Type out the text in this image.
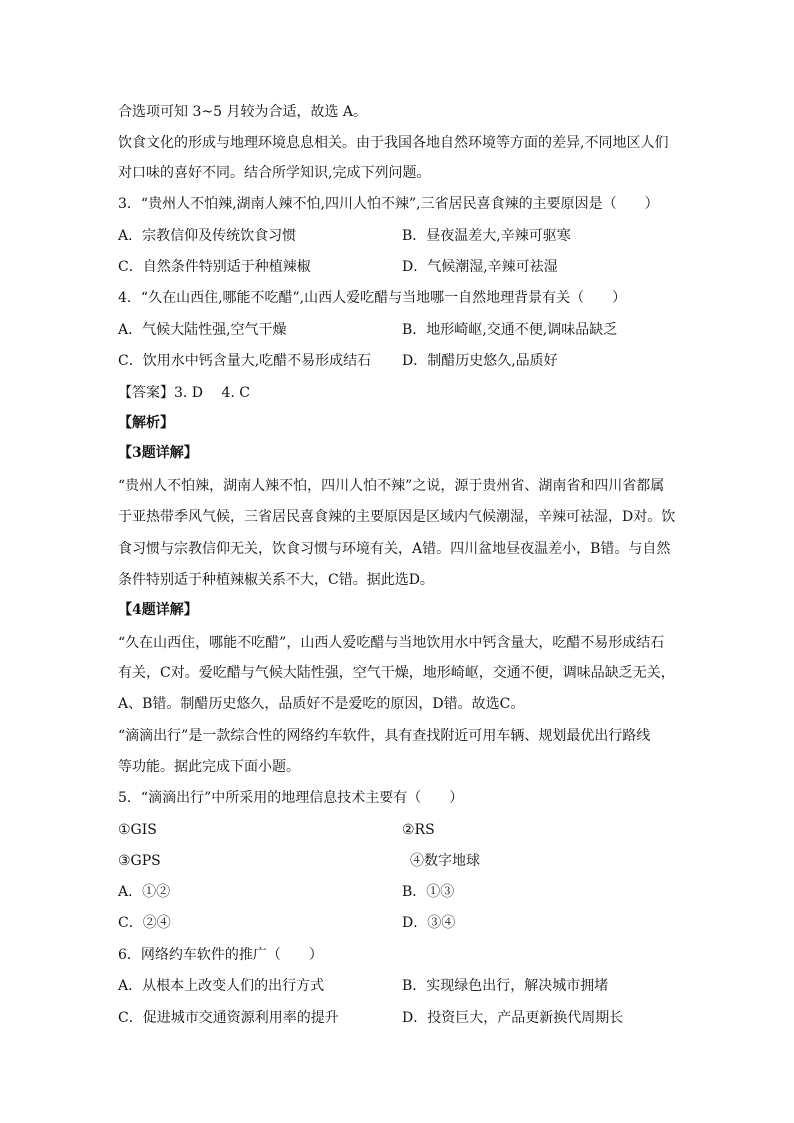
合选项可知 3~5 月较为合适，故选 A。
饮食文化的形成与地理环境息息相关。由于我国各地自然环境等方面的差异,不同地区人们
对口味的喜好不同。结合所学知识,完成下列问题。
3．“贵州人不怕辣,湖南人辣不怕,四川人怕不辣”,三省居民喜食辣的主要原因是（　　）
A．宗教信仰及传统饮食习惯	B．昼夜温差大,辛辣可驱寒
C．自然条件特别适于种植辣椒	D．气候潮湿,辛辣可祛湿
4．“久在山西住,哪能不吃醋”,山西人爱吃醋与当地哪一自然地理背景有关（　　）
A．气候大陆性强,空气干燥	B．地形崎岖,交通不便,调味品缺乏
C．饮用水中钙含量大,吃醋不易形成结石 D．制醋历史悠久,品质好
【答案】3. D　 4. C
【解析】
【3题详解】
“贵州人不怕辣，湖南人辣不怕，四川人怕不辣”之说，源于贵州省、湖南省和四川省都属
于亚热带季风气候，三省居民喜食辣的主要原因是区域内气候潮湿，辛辣可祛湿，D对。饮
食习惯与宗教信仰无关，饮食习惯与环境有关，A错。四川盆地昼夜温差小，B错。与自然
条件特别适于种植辣椒关系不大，C错。据此选D。
【4题详解】
“久在山西住，哪能不吃醋”，山西人爱吃醋与当地饮用水中钙含量大，吃醋不易形成结石
有关，C对。爱吃醋与气候大陆性强，空气干燥，地形崎岖，交通不便，调味品缺乏无关，
A、B错。制醋历史悠久，品质好不是爱吃的原因，D错。故选C。
“滴滴出行”是一款综合性的网络约车软件，具有查找附近可用车辆、规划最优出行路线
等功能。据此完成下面小题。
5．“滴滴出行”中所采用的地理信息技术主要有（　　）
①GIS	②RS
③GPS	④数字地球
A．①②	B．①③
C．②④	D．③④
6．网络约车软件的推广（　　）
A．从根本上改变人们的出行方式	B．实现绿色出行，解决城市拥堵
C．促进城市交通资源利用率的提升	D．投资巨大，产品更新换代周期长
